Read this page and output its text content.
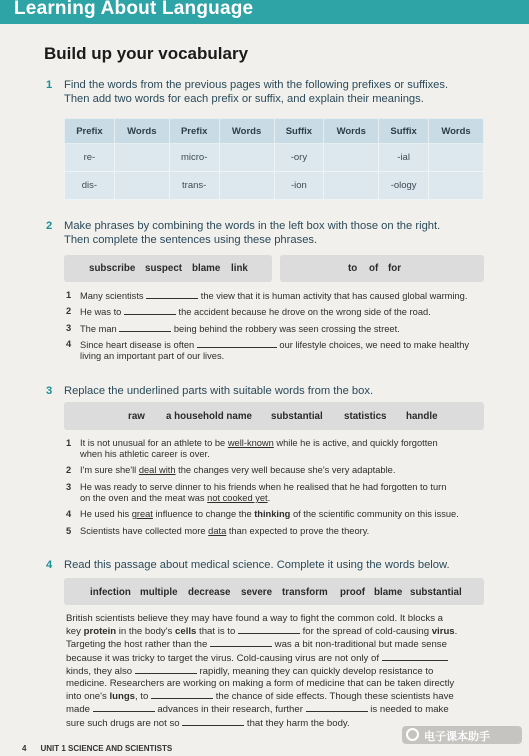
Learning About Language
Build up your vocabulary
1 Find the words from the previous pages with the following prefixes or suffixes.
Then add two words for each prefix or suffix, and explain their meanings.
Prefix	Words	Prefix	Words	Suffix	Words	Suffix	Words
re-		micro-		-ory		-ial	
dis-		trans-		-ion		-ology	
2 Make phrases by combining the words in the left box with those on the right.
Then complete the sentences using these phrases.
subscribe suspect blame link	to of for
1 Many scientists	the view that it is human activity that has caused global warming.
2 He was to	the accident because he drove on the wrong side of the road.
3 The man	being behind the robbery was seen crossing the street.
4 Since heart disease is often	our lifestyle choices, we need to make healthy
living an important part of our lives.
3 Replace the underlined parts with suitable words from the box.
raw a household name substantial statistics handle
1 It is not unusual for an athlete to be well-known while he is active, and quickly forgotten
when his athletic career is over.
2 I'm sure she'll deal with the changes very well because she's very adaptable.
3 He was ready to serve dinner to his friends when he realised that he had forgotten to turn
on the oven and the meat was not cooked yet.
4 He used his great influence to change the thinking of the scientific community on this issue.
5 Scientists have collected more data than expected to prove the theory.
4 Read this passage about medical science. Complete it using the words below.
infection multiple decrease severe transform proof blame substantial
British scientists believe they may have found a way to fight the common cold. It blocks a
key protein in the body's cells that is to	for the spread of cold-causing virus.
Targeting the host rather than the	was a bit non-traditional but made sense
because it was tricky to target the virus. Cold-causing virus are not only of
kinds, they also	rapidly, meaning they can quickly develop resistance to
medicine. Researchers are working on making a form of medicine that can be taken directly
into one's lungs, to	the chance of side effects. Though these scientists have
made	advances in their research, further	is needed to make
sure such drugs are not so	that they harm the body.
4 UNIT 1 SCIENCE AND SCIENTISTS
电子课本助手
